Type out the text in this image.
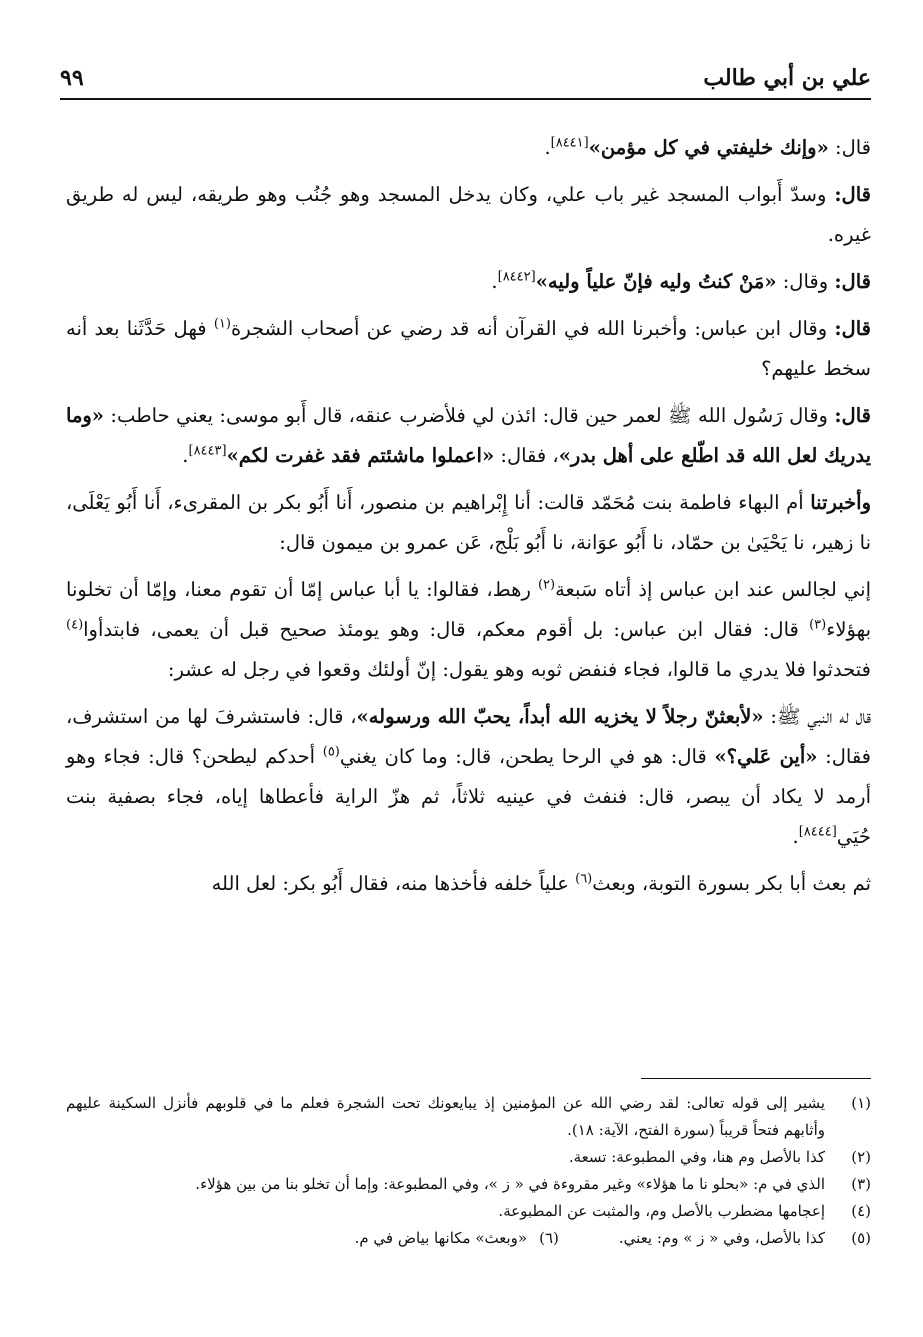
علي بن أبي طالب
٩٩

قال: «وإنك خليفتي في كل مؤمن»[٨٤٤١].

قال: وسدّ أَبواب المسجد غير باب علي، وكان يدخل المسجد وهو جُنُب وهو طريقه، ليس له طريق غيره.

قال: وقال: «مَنْ كنتُ وليه فإنّ علياً وليه»[٨٤٤٢].

قال: وقال ابن عباس: وأخبرنا الله في القرآن أنه قد رضي عن أصحاب الشجرة$^{(١)}$ فهل حَدَّثَنا بعد أنه سخط عليهم؟

قال: وقال رَسُول الله ﷺ لعمر حين قال: ائذن لي فلأضرب عنقه، قال أَبو موسى: يعني حاطب: «وما يدريك لعل الله قد اطّلع على أهل بدر»، فقال: «اعملوا ماشئتم فقد غفرت لكم»[٨٤٤٣].

وأخبرتنا أم البهاء فاطمة بنت مُحَمّد قالت: أنا إِبْراهيم بن منصور، أَنا أَبُو بكر بن المقرىء، أَنا أَبُو يَعْلَى، نا زهير، نا يَحْيَىٰ بن حمّاد، نا أَبُو عوَانة، نا أَبُو بَلْج، عَن عمرو بن ميمون قال:

إني لجالس عند ابن عباس إذ أتاه سَبعة$^{(٢)}$ رهط، فقالوا: يا أبا عباس إمّا أن تقوم معنا، وإمّا أن تخلونا بهؤلاء$^{(٣)}$ قال: فقال ابن عباس: بل أقوم معكم، قال: وهو يومئذ صحيح قبل أن يعمى، فابتدأوا$^{(٤)}$ فتحدثوا فلا يدري ما قالوا، فجاء فنفض ثوبه وهو يقول: إنّ أولئك وقعوا في رجل له عشر:

قال له النبي ﷺ: «لأبعثنّ رجلاً لا يخزيه الله أبداً، يحبّ الله ورسوله»، قال: فاستشرفَ لها من استشرف، فقال: «أين عَلي؟» قال: هو في الرحا يطحن، قال: وما كان يغني$^{(٥)}$ أحدكم ليطحن؟ قال: فجاء وهو أرمد لا يكاد أن يبصر، قال: فنفث في عينيه ثلاثاً، ثم هزّ الراية فأعطاها إياه، فجاء بصفية بنت حُيَي[٨٤٤٤].

ثم بعث أبا بكر بسورة التوبة، وبعث$^{(٦)}$ علياً خلفه فأخذها منه، فقال أَبُو بكر: لعل الله

(١)
يشير إلى قوله تعالى: لقد رضي الله عن المؤمنين إذ يبايعونك تحت الشجرة فعلم ما في قلوبهم فأنزل السكينة عليهم وأثابهم فتحاً قريباً (سورة الفتح، الآية: ١٨).

(٢)
كذا بالأصل وم هنا، وفي المطبوعة: تسعة.

(٣)
الذي في م: «بحلو نا ما هؤلاء» وغير مقروءة في « ز »، وفي المطبوعة: وإما أن تخلو بنا من بين هؤلاء.

(٤)
إعجامها مضطرب بالأصل وم، والمثبت عن المطبوعة.

(٥)
كذا بالأصل، وفي « ز » وم: يعني.
(٦)
«وبعث» مكانها بياض في م.
